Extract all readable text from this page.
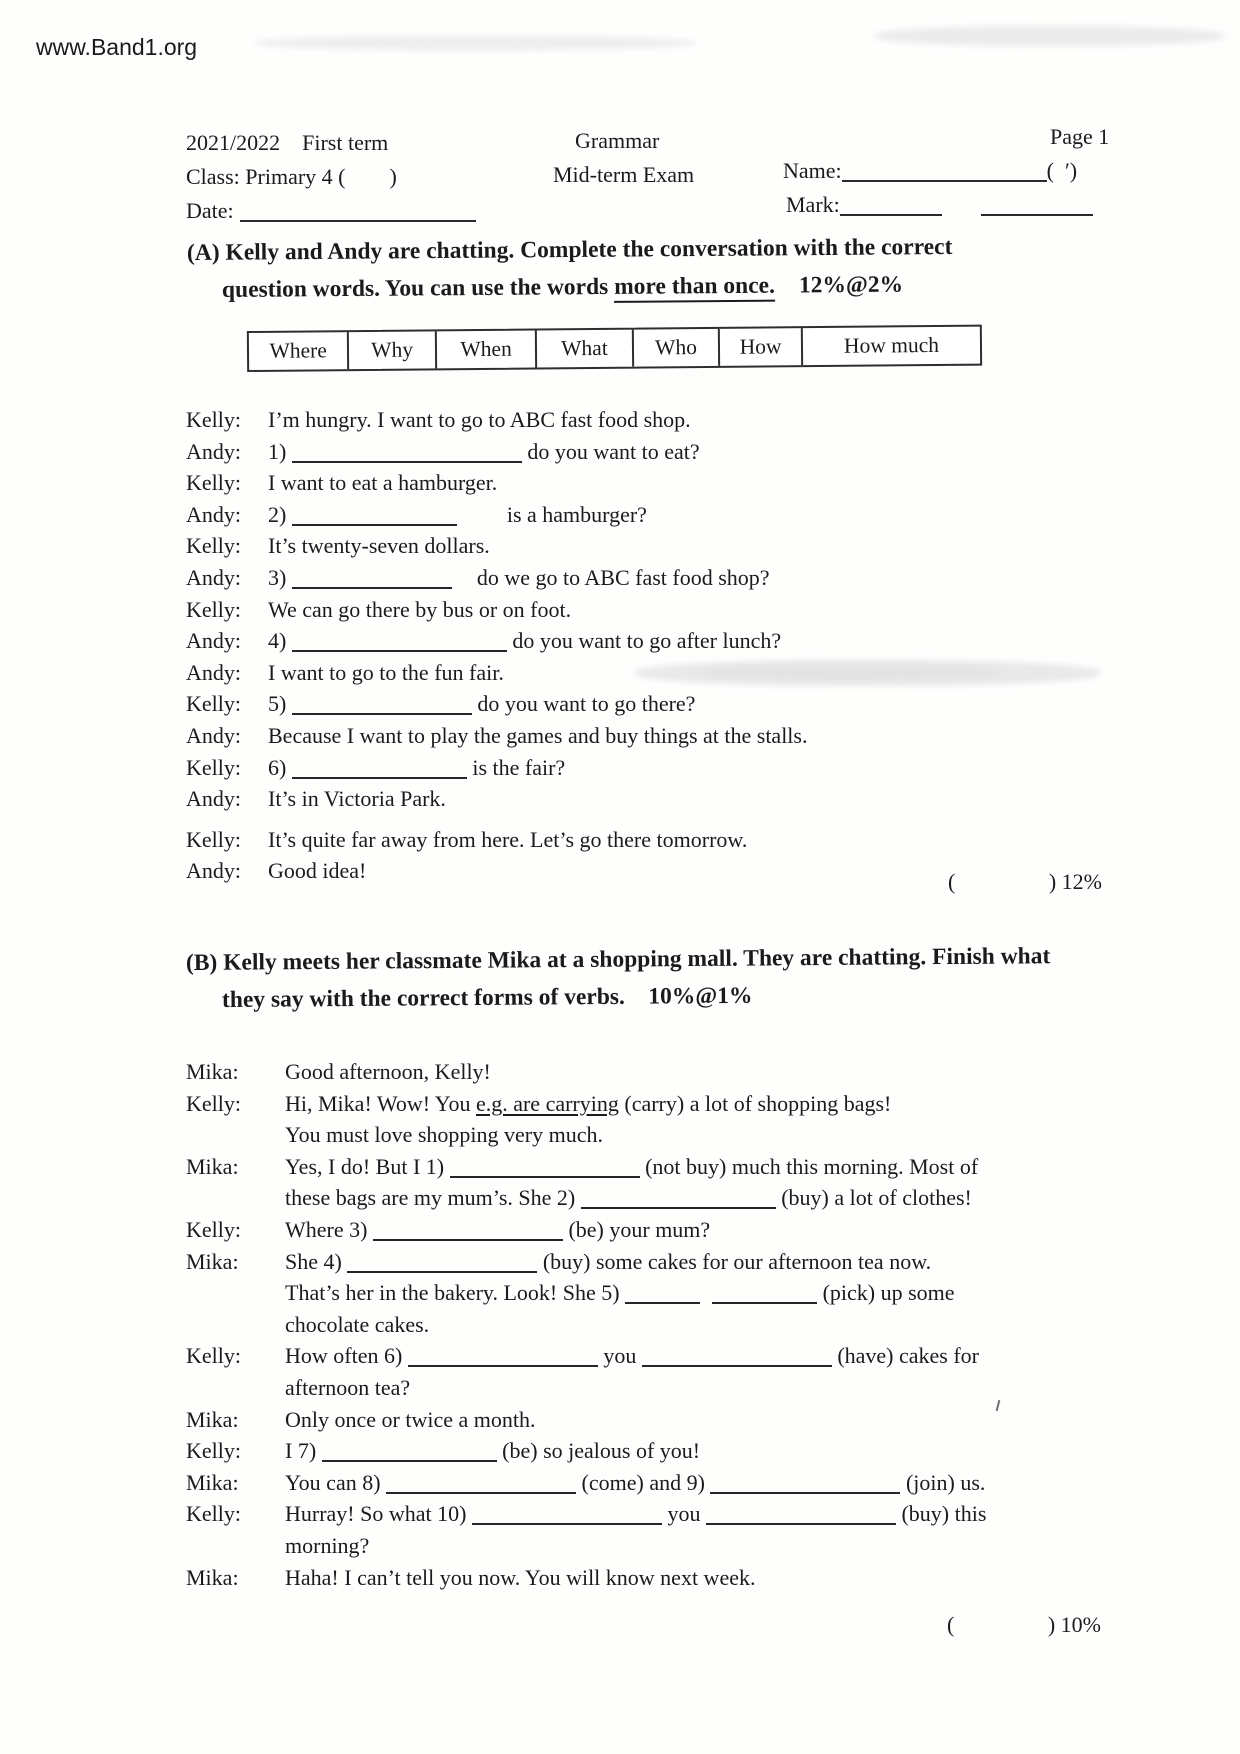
www.Band1.org
2021/2022    First term
Class: Primary 4 (        )
Date:
Grammar
Mid-term Exam	Name:	(  ′)
Mark:
Page 1
(A) Kelly and Andy are chatting. Complete the conversation with the correct
question words. You can use the words more than once. 12%@2%
Where	Why	When	What	Who	How	How much
Kelly:	I’m hungry. I want to go to ABC fast food shop.
Andy:	1)	do you want to eat?
Kelly:	I want to eat a hamburger.
Andy:	2)	is a hamburger?
Kelly:	It’s twenty-seven dollars.
Andy:	3)	do we go to ABC fast food shop?
Kelly:	We can go there by bus or on foot.
Andy:	4)	do you want to go after lunch?
Andy:	I want to go to the fun fair.
Kelly:	5)	do you want to go there?
Andy:	Because I want to play the games and buy things at the stalls.
Kelly:	6)	is the fair?
Andy:	It’s in Victoria Park.
Kelly:	It’s quite far away from here. Let’s go there tomorrow.
Andy:	Good idea!	(                 ) 12%
(B) Kelly meets her classmate Mika at a shopping mall. They are chatting. Finish what
they say with the correct forms of verbs.    10%@1%
Mika:	Good afternoon, Kelly!
Kelly:	Hi, Mika! Wow! You e.g. are carrying (carry) a lot of shopping bags!
You must love shopping very much.
Mika:	Yes, I do! But I 1)	(not buy) much this morning. Most of
these bags are my mum’s. She 2)	(buy) a lot of clothes!
Kelly:	Where 3)	(be) your mum?
Mika:	She 4)	(buy) some cakes for our afternoon tea now.
That’s her in the bakery. Look! She 5)	(pick) up some
chocolate cakes.
Kelly:	How often 6)	you	(have) cakes for
afternoon tea?
Mika:	Only once or twice a month.
Kelly:	I 7)	(be) so jealous of you!
Mika:	You can 8)	(come) and 9)	(join) us.
Kelly:	Hurray! So what 10)	you	(buy) this
morning?
Mika:	Haha! I can’t tell you now. You will know next week.
(                 ) 10%
